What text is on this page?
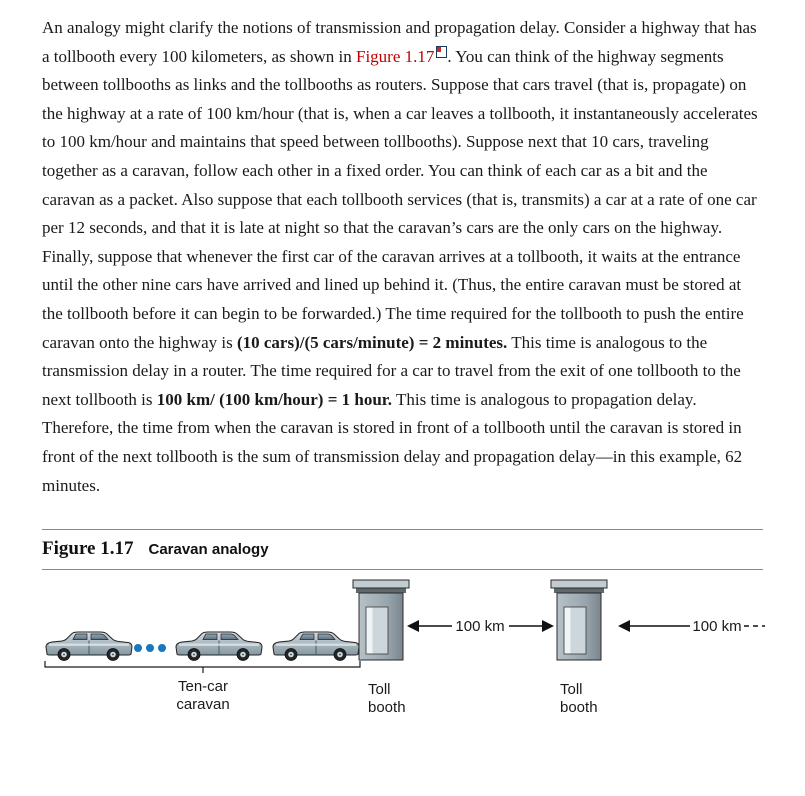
An analogy might clarify the notions of transmission and propagation delay. Consider a highway that has a tollbooth every 100 kilometers, as shown in Figure 1.17 . You can think of the highway segments between tollbooths as links and the tollbooths as routers. Suppose that cars travel (that is, propagate) on the highway at a rate of 100 km/hour (that is, when a car leaves a tollbooth, it instantaneously accelerates to 100 km/hour and maintains that speed between tollbooths). Suppose next that 10 cars, traveling together as a caravan, follow each other in a fixed order. You can think of each car as a bit and the caravan as a packet. Also suppose that each tollbooth services (that is, transmits) a car at a rate of one car per 12 seconds, and that it is late at night so that the caravan’s cars are the only cars on the highway. Finally, suppose that whenever the first car of the caravan arrives at a tollbooth, it waits at the entrance until the other nine cars have arrived and lined up behind it. (Thus, the entire caravan must be stored at the tollbooth before it can begin to be forwarded.) The time required for the tollbooth to push the entire caravan onto the highway is (10 cars)/(5 cars/minute) = 2 minutes. This time is analogous to the transmission delay in a router. The time required for a car to travel from the exit of one tollbooth to the next tollbooth is 100 km/ (100 km/hour) = 1 hour. This time is analogous to propagation delay. Therefore, the time from when the caravan is stored in front of a tollbooth until the caravan is stored in front of the next tollbooth is the sum of transmission delay and propagation delay—in this example, 62 minutes.

Figure 1.17 Caravan analogy
Ten-car
caravan
Toll
booth
Toll
booth
100 km	100 km
